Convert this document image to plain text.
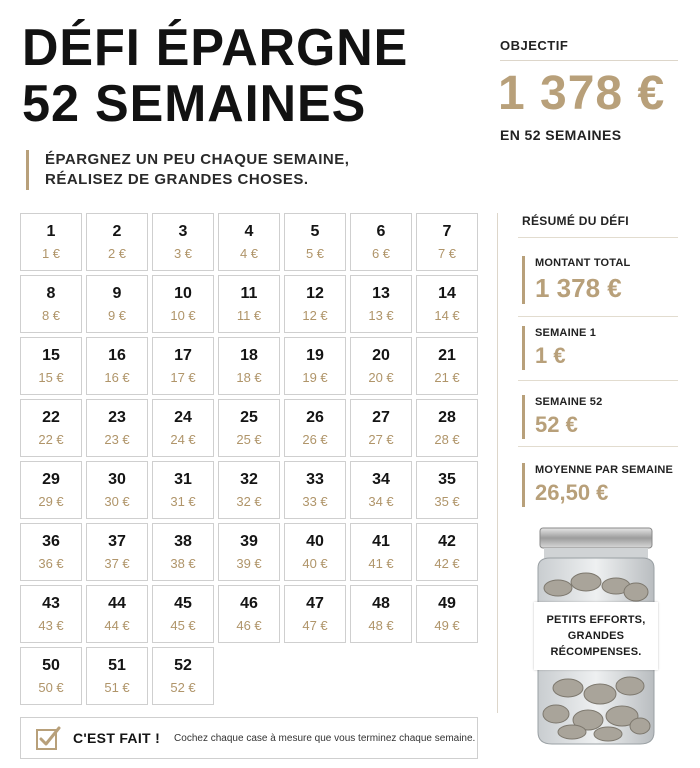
DÉFI ÉPARGNE
52 SEMAINES
ÉPARGNEZ UN PEU CHAQUE SEMAINE,
RÉALISEZ DE GRANDES CHOSES.
OBJECTIF
1 378 €
EN 52 SEMAINES
1
1 €
2
2 €
3
3 €
4
4 €
5
5 €
6
6 €
7
7 €
8
8 €
9
9 €
10
10 €
11
11 €
12
12 €
13
13 €
14
14 €
15
15 €
16
16 €
17
17 €
18
18 €
19
19 €
20
20 €
21
21 €
22
22 €
23
23 €
24
24 €
25
25 €
26
26 €
27
27 €
28
28 €
29
29 €
30
30 €
31
31 €
32
32 €
33
33 €
34
34 €
35
35 €
36
36 €
37
37 €
38
38 €
39
39 €
40
40 €
41
41 €
42
42 €
43
43 €
44
44 €
45
45 €
46
46 €
47
47 €
48
48 €
49
49 €
50
50 €
51
51 €
52
52 €
RÉSUMÉ DU DÉFI
MONTANT TOTAL
1 378 €
SEMAINE 1
1 €
SEMAINE 52
52 €
MOYENNE PAR SEMAINE
26,50 €
PETITS EFFORTS,
GRANDES RÉCOMPENSES.
C'EST FAIT ! Cochez chaque case à mesure que vous terminez chaque semaine.
